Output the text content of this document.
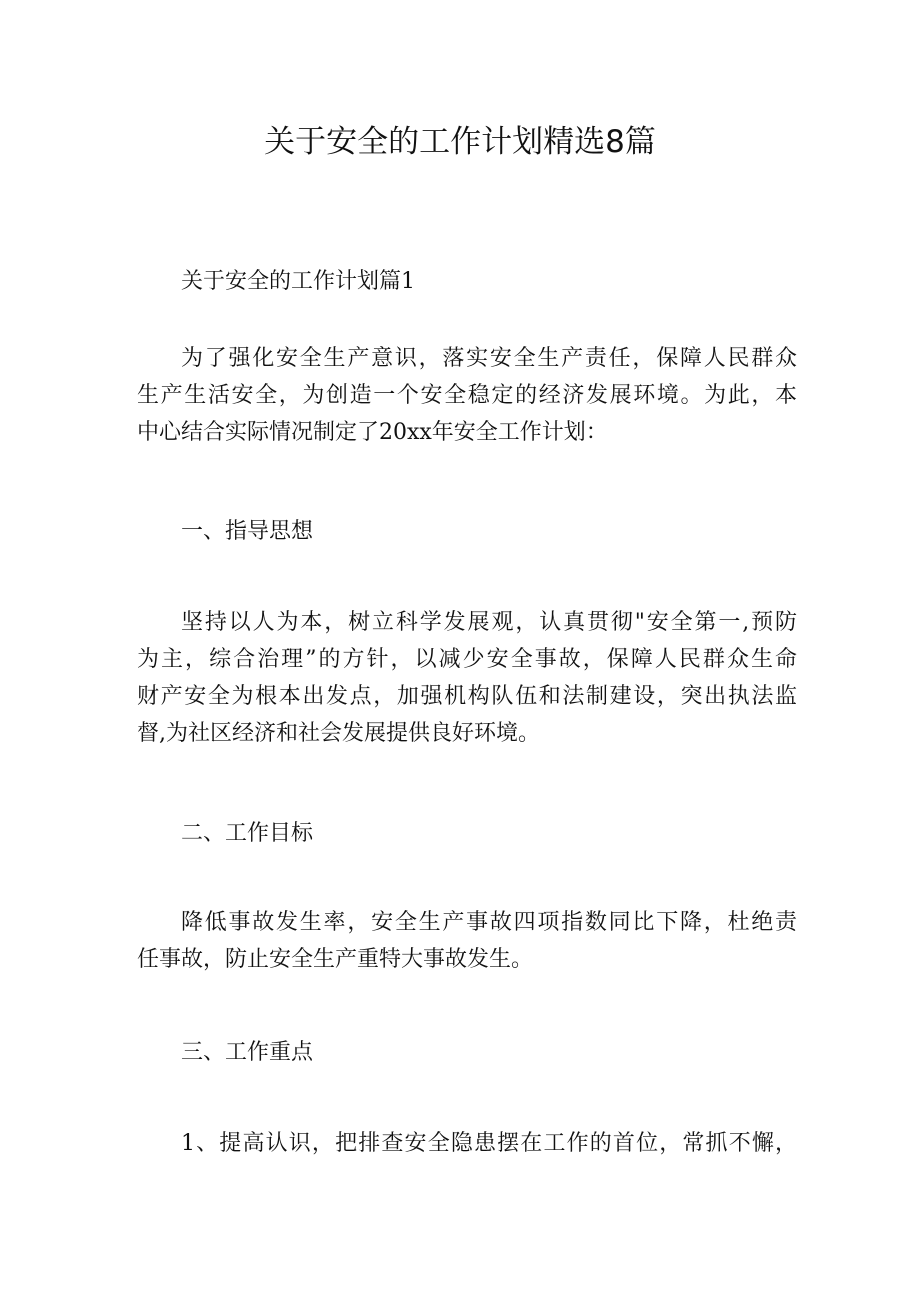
关于安全的工作计划精选8篇
关于安全的工作计划篇1
为了强化安全生产意识，落实安全生产责任，保障人民群众
生产生活安全，为创造一个安全稳定的经济发展环境。为此，本
中心结合实际情况制定了20xx年安全工作计划：
一、指导思想
坚持以人为本，树立科学发展观，认真贯彻"安全第一,预防
为主，综合治理”的方针，以减少安全事故，保障人民群众生命
财产安全为根本出发点，加强机构队伍和法制建设，突出执法监
督,为社区经济和社会发展提供良好环境。
二、工作目标
降低事故发生率，安全生产事故四项指数同比下降，杜绝责
任事故，防止安全生产重特大事故发生。
三、工作重点
1、提高认识，把排查安全隐患摆在工作的首位，常抓不懈，
